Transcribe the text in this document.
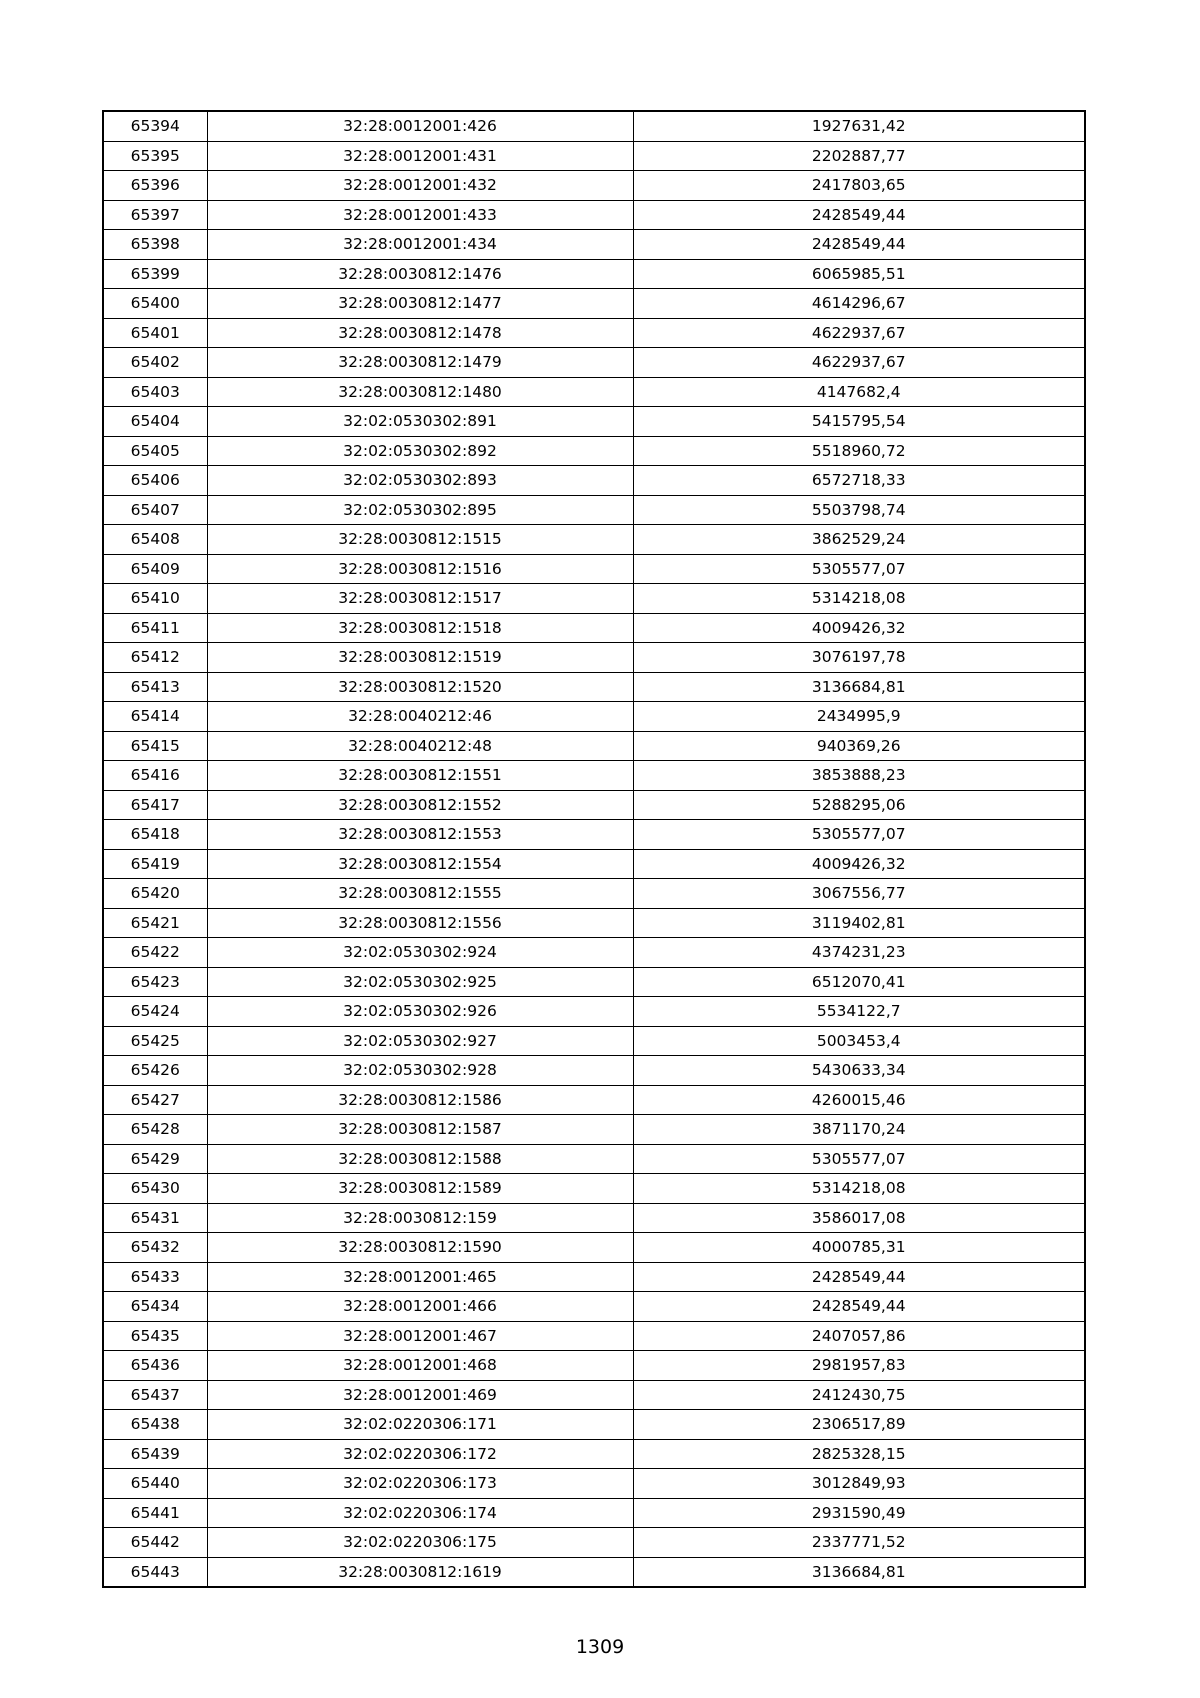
65394	32:28:0012001:426	1927631,42
65395	32:28:0012001:431	2202887,77
65396	32:28:0012001:432	2417803,65
65397	32:28:0012001:433	2428549,44
65398	32:28:0012001:434	2428549,44
65399	32:28:0030812:1476	6065985,51
65400	32:28:0030812:1477	4614296,67
65401	32:28:0030812:1478	4622937,67
65402	32:28:0030812:1479	4622937,67
65403	32:28:0030812:1480	4147682,4
65404	32:02:0530302:891	5415795,54
65405	32:02:0530302:892	5518960,72
65406	32:02:0530302:893	6572718,33
65407	32:02:0530302:895	5503798,74
65408	32:28:0030812:1515	3862529,24
65409	32:28:0030812:1516	5305577,07
65410	32:28:0030812:1517	5314218,08
65411	32:28:0030812:1518	4009426,32
65412	32:28:0030812:1519	3076197,78
65413	32:28:0030812:1520	3136684,81
65414	32:28:0040212:46	2434995,9
65415	32:28:0040212:48	940369,26
65416	32:28:0030812:1551	3853888,23
65417	32:28:0030812:1552	5288295,06
65418	32:28:0030812:1553	5305577,07
65419	32:28:0030812:1554	4009426,32
65420	32:28:0030812:1555	3067556,77
65421	32:28:0030812:1556	3119402,81
65422	32:02:0530302:924	4374231,23
65423	32:02:0530302:925	6512070,41
65424	32:02:0530302:926	5534122,7
65425	32:02:0530302:927	5003453,4
65426	32:02:0530302:928	5430633,34
65427	32:28:0030812:1586	4260015,46
65428	32:28:0030812:1587	3871170,24
65429	32:28:0030812:1588	5305577,07
65430	32:28:0030812:1589	5314218,08
65431	32:28:0030812:159	3586017,08
65432	32:28:0030812:1590	4000785,31
65433	32:28:0012001:465	2428549,44
65434	32:28:0012001:466	2428549,44
65435	32:28:0012001:467	2407057,86
65436	32:28:0012001:468	2981957,83
65437	32:28:0012001:469	2412430,75
65438	32:02:0220306:171	2306517,89
65439	32:02:0220306:172	2825328,15
65440	32:02:0220306:173	3012849,93
65441	32:02:0220306:174	2931590,49
65442	32:02:0220306:175	2337771,52
65443	32:28:0030812:1619	3136684,81
1309
